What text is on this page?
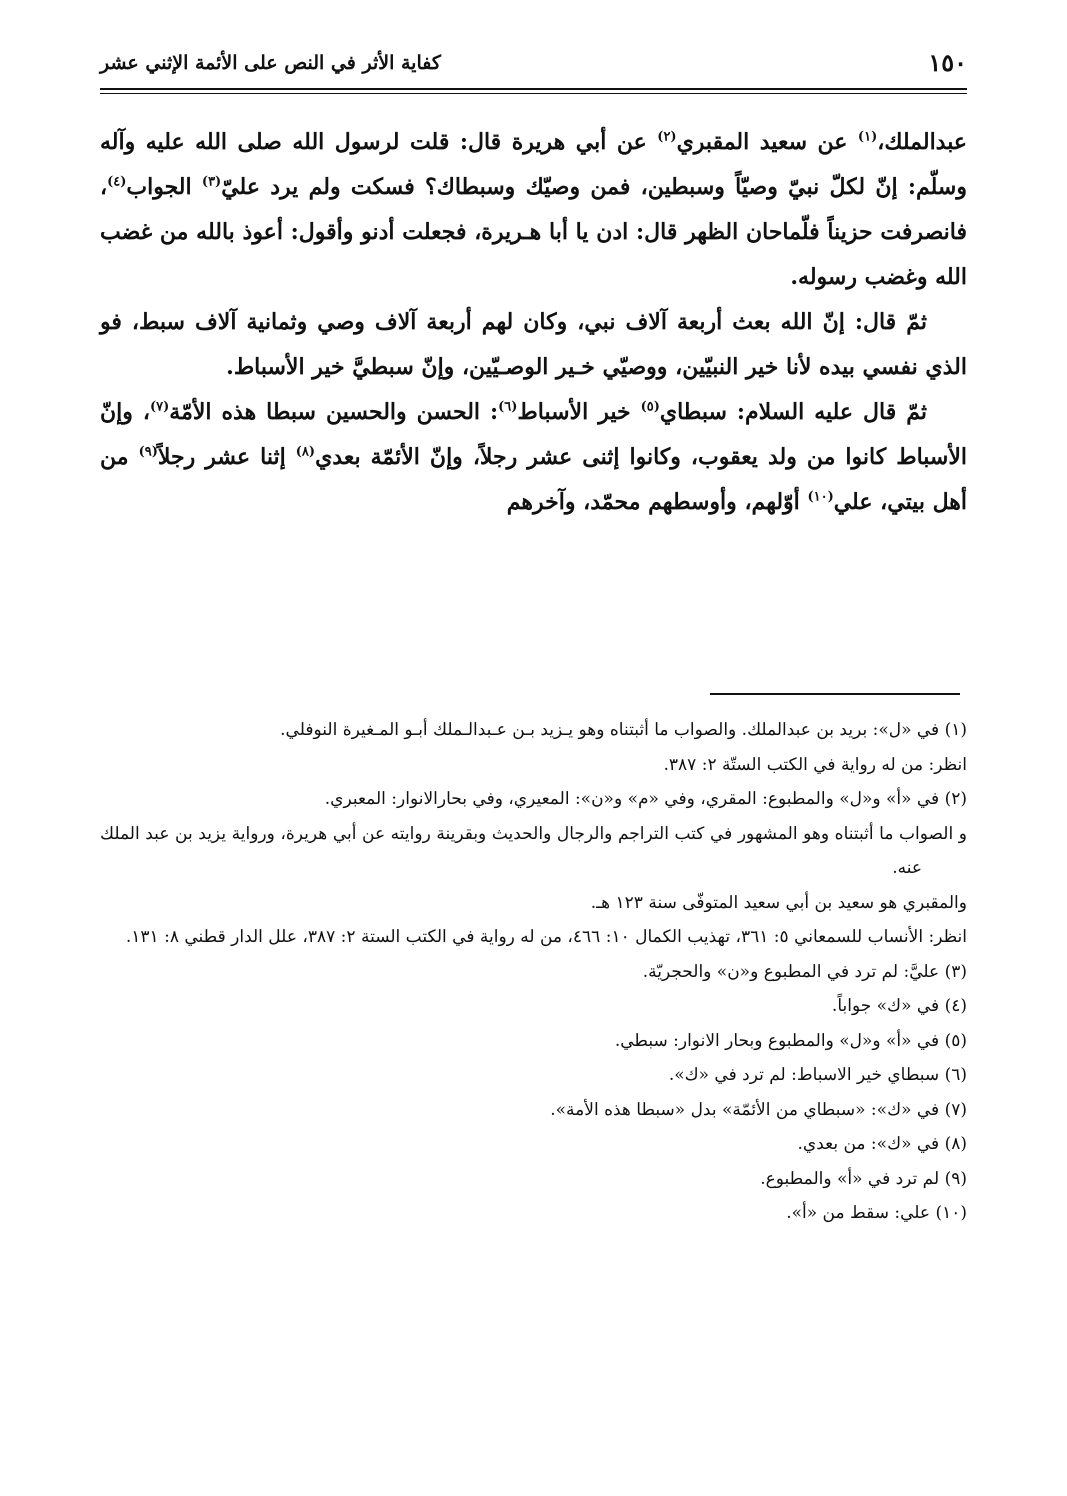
١٥٠
كفاية الأثر في النص على الأئمة الإثني عشر

عبدالملك،$^{(١)}$ عن سعيد المقبري$^{(٢)}$ عن أبي هريرة قال: قلت لرسول الله صلى الله عليه وآله وسلّم: إنّ لكلّ نبيّ وصيّاً وسبطين، فمن وصيّك وسبطاك؟ فسكت ولم يرد عليّ$^{(٣)}$ الجواب$^{(٤)}$، فانصرفت حزيناً فلّماحان الظهر قال: ادن يا أبا هـريرة، فجعلت أدنو وأقول: أعوذ بالله من غضب الله وغضب رسوله.

ثمّ قال: إنّ الله بعث أربعة آلاف نبي، وكان لهم أربعة آلاف وصي وثمانية آلاف سبط، فو الذي نفسي بيده لأنا خير النبيّين، ووصيّي خـير الوصـيّين، وإنّ سبطيَّ خير الأسباط.

ثمّ قال عليه السلام: سبطاي$^{(٥)}$ خير الأسباط$^{(٦)}$: الحسن والحسين سبطا هذه الأمّة$^{(٧)}$، وإنّ الأسباط كانوا من ولد يعقوب، وكانوا إثنى عشر رجلاً، وإنّ الأئمّة بعدي$^{(٨)}$ إثنا عشر رجلاً$^{(٩)}$ من أهل بيتي، علي$^{(١٠)}$ أوّلهم، وأوسطهم محمّد، وآخرهم

(١) في «ل»: بريد بن عبدالملك. والصواب ما أثبتناه وهو يـزيد بـن عـبدالـملك أبـو المـغيرة النوفلي.

انظر: من له رواية في الكتب الستّة ٢: ٣٨٧.

(٢) في «أ» و«ل» والمطبوع: المقري، وفي «م» و«ن»: المعيري، وفي بحارالانوار: المعبري.

و الصواب ما أثبتناه وهو المشهور في كتب التراجم والرجال والحديث وبقرينة روايته عن أبي هريرة، ورواية يزيد بن عبد الملك عنه.

والمقبري هو سعيد بن أبي سعيد المتوفّى سنة ١٢٣ هـ.

انظر: الأنساب للسمعاني ٥: ٣٦١، تهذيب الكمال ١٠: ٤٦٦، من له رواية في الكتب الستة ٢: ٣٨٧، علل الدار قطني ٨: ١٣١.

(٣) عليَّ: لم ترد في المطبوع و«ن» والحجريّة.

(٤) في «ك» جواباً.

(٥) في «أ» و«ل» والمطبوع وبحار الانوار: سبطي.

(٦) سبطاي خير الاسباط: لم ترد في «ك».

(٧) في «ك»: «سبطاي من الأئمّة» بدل «سبطا هذه الأمة».

(٨) في «ك»: من بعدي.

(٩) لم ترد في «أ» والمطبوع.

(١٠) علي: سقط من «أ».
